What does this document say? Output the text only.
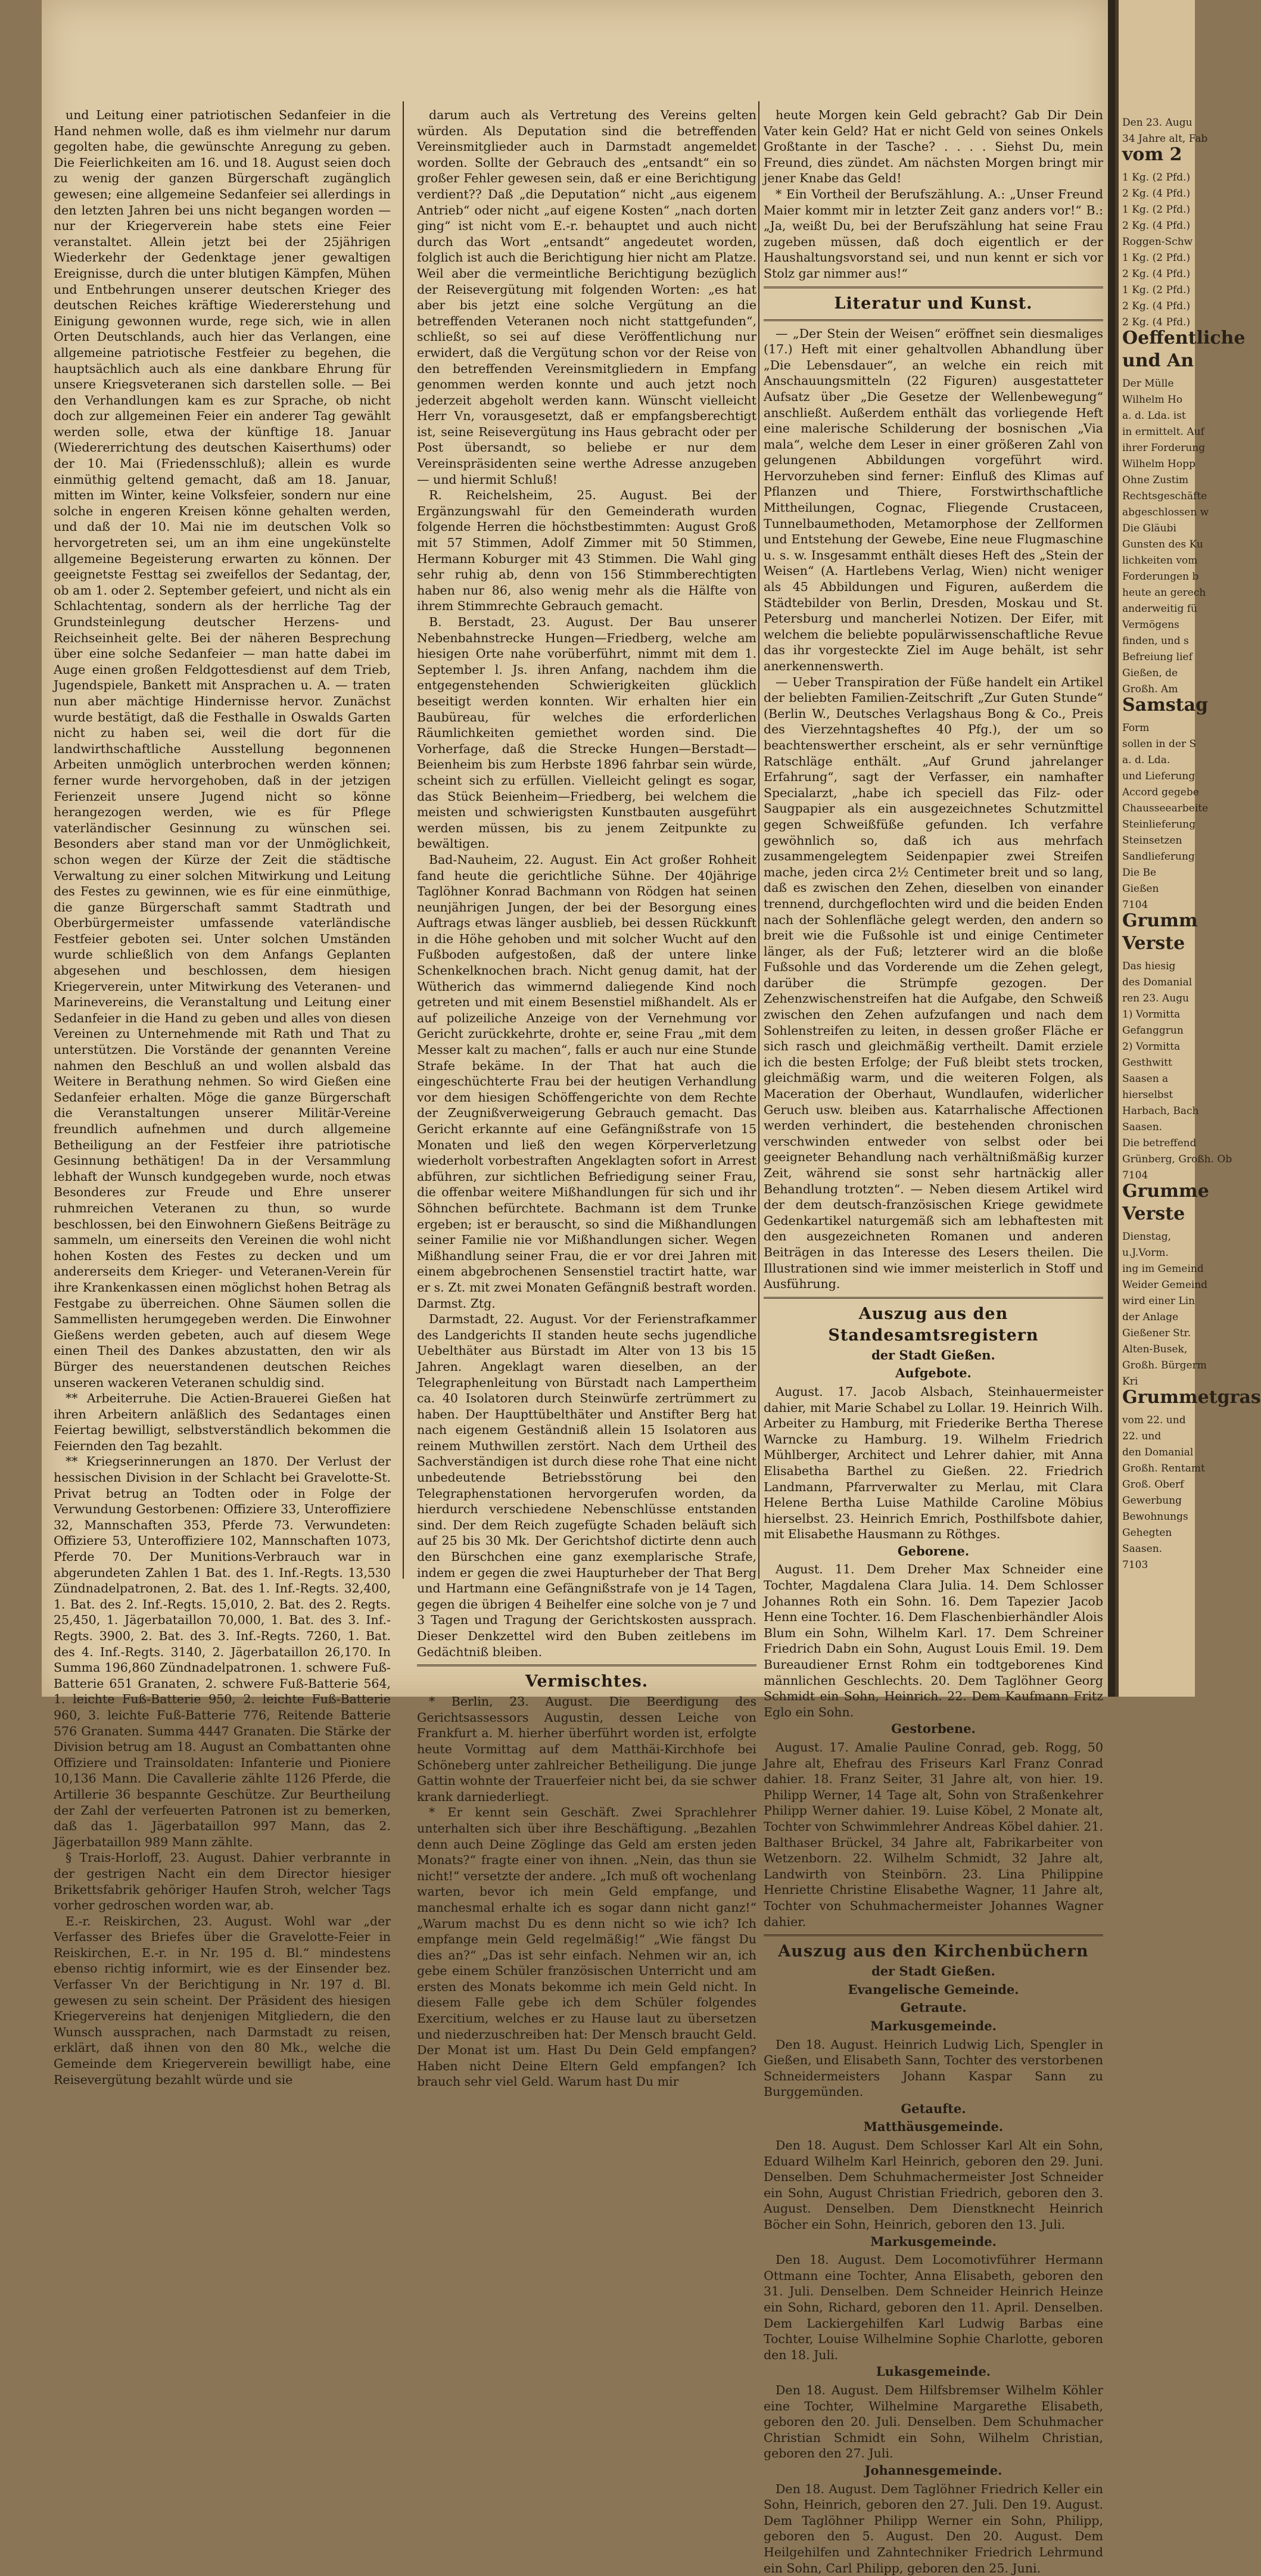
und Leitung einer patriotischen Sedanfeier in die Hand nehmen wolle, daß es ihm vielmehr nur darum gegolten habe, die gewünschte Anregung zu geben. Die Feierlichkeiten am 16. und 18. August seien doch zu wenig der ganzen Bürgerschaft zugänglich gewesen; eine allgemeine Sedanfeier sei allerdings in den letzten Jahren bei uns nicht begangen worden — nur der Kriegerverein habe stets eine Feier veranstaltet. Allein jetzt bei der 25jährigen Wiederkehr der Gedenktage jener gewaltigen Ereignisse, durch die unter blutigen Kämpfen, Mühen und Entbehrungen unserer deutschen Krieger des deutschen Reiches kräftige Wiedererstehung und Einigung gewonnen wurde, rege sich, wie in allen Orten Deutschlands, auch hier das Verlangen, eine allgemeine patriotische Festfeier zu begehen, die hauptsächlich auch als eine dankbare Ehrung für unsere Kriegsveteranen sich darstellen solle. — Bei den Verhandlungen kam es zur Sprache, ob nicht doch zur allgemeinen Feier ein anderer Tag gewählt werden solle, etwa der künftige 18. Januar (Wiedererrichtung des deutschen Kaiserthums) oder der 10. Mai (Friedensschluß); allein es wurde einmüthig geltend gemacht, daß am 18. Januar, mitten im Winter, keine Volksfeier, sondern nur eine solche in engeren Kreisen könne gehalten werden, und daß der 10. Mai nie im deutschen Volk so hervorgetreten sei, um an ihm eine ungekünstelte allgemeine Begeisterung erwarten zu können. Der geeignetste Festtag sei zweifellos der Sedantag, der, ob am 1. oder 2. September gefeiert, und nicht als ein Schlachtentag, sondern als der herrliche Tag der Grundsteinlegung deutscher Herzens- und Reichseinheit gelte. Bei der näheren Besprechung über eine solche Sedanfeier — man hatte dabei im Auge einen großen Feldgottesdienst auf dem Trieb, Jugendspiele, Bankett mit Ansprachen u. A. — traten nun aber mächtige Hindernisse hervor. Zunächst wurde bestätigt, daß die Festhalle in Oswalds Garten nicht zu haben sei, weil die dort für die landwirthschaftliche Ausstellung begonnenen Arbeiten unmöglich unterbrochen werden können; ferner wurde hervorgehoben, daß in der jetzigen Ferienzeit unsere Jugend nicht so könne herangezogen werden, wie es für Pflege vaterländischer Gesinnung zu wünschen sei. Besonders aber stand man vor der Unmöglichkeit, schon wegen der Kürze der Zeit die städtische Verwaltung zu einer solchen Mitwirkung und Leitung des Festes zu gewinnen, wie es für eine einmüthige, die ganze Bürgerschaft sammt Stadtrath und Oberbürgermeister umfassende vaterländische Festfeier geboten sei. Unter solchen Umständen wurde schließlich von dem Anfangs Geplanten abgesehen und beschlossen, dem hiesigen Kriegerverein, unter Mitwirkung des Veteranen- und Marinevereins, die Veranstaltung und Leitung einer Sedanfeier in die Hand zu geben und alles von diesen Vereinen zu Unternehmende mit Rath und That zu unterstützen. Die Vorstände der genannten Vereine nahmen den Beschluß an und wollen alsbald das Weitere in Berathung nehmen. So wird Gießen eine Sedanfeier erhalten. Möge die ganze Bürgerschaft die Veranstaltungen unserer Militär-Vereine freundlich aufnehmen und durch allgemeine Betheiligung an der Festfeier ihre patriotische Gesinnung bethätigen! Da in der Versammlung lebhaft der Wunsch kundgegeben wurde, noch etwas Besonderes zur Freude und Ehre unserer ruhmreichen Veteranen zu thun, so wurde beschlossen, bei den Einwohnern Gießens Beiträge zu sammeln, um einerseits den Vereinen die wohl nicht hohen Kosten des Festes zu decken und um andererseits dem Krieger- und Veteranen-Verein für ihre Krankenkassen einen möglichst hohen Betrag als Festgabe zu überreichen. Ohne Säumen sollen die Sammellisten herumgegeben werden. Die Einwohner Gießens werden gebeten, auch auf diesem Wege einen Theil des Dankes abzustatten, den wir als Bürger des neuerstandenen deutschen Reiches unseren wackeren Veteranen schuldig sind.

** Arbeiterruhe. Die Actien-Brauerei Gießen hat ihren Arbeitern anläßlich des Sedantages einen Feiertag bewilligt, selbstverständlich bekommen die Feiernden den Tag bezahlt.

** Kriegserinnerungen an 1870. Der Verlust der hessischen Division in der Schlacht bei Gravelotte-St. Privat betrug an Todten oder in Folge der Verwundung Gestorbenen: Offiziere 33, Unteroffiziere 32, Mannschaften 353, Pferde 73. Verwundeten: Offiziere 53, Unteroffiziere 102, Mannschaften 1073, Pferde 70. Der Munitions-Verbrauch war in abgerundeten Zahlen 1 Bat. des 1. Inf.-Regts. 13,530 Zündnadelpatronen, 2. Bat. des 1. Inf.-Regts. 32,400, 1. Bat. des 2. Inf.-Regts. 15,010, 2. Bat. des 2. Regts. 25,450, 1. Jägerbataillon 70,000, 1. Bat. des 3. Inf.-Regts. 3900, 2. Bat. des 3. Inf.-Regts. 7260, 1. Bat. des 4. Inf.-Regts. 3140, 2. Jägerbataillon 26,170. In Summa 196,860 Zündnadelpatronen. 1. schwere Fuß-Batterie 651 Granaten, 2. schwere Fuß-Batterie 564, 1. leichte Fuß-Batterie 950, 2. leichte Fuß-Batterie 960, 3. leichte Fuß-Batterie 776, Reitende Batterie 576 Granaten. Summa 4447 Granaten. Die Stärke der Division betrug am 18. August an Combattanten ohne Offiziere und Trainsoldaten: Infanterie und Pioniere 10,136 Mann. Die Cavallerie zählte 1126 Pferde, die Artillerie 36 bespannte Geschütze. Zur Beurtheilung der Zahl der verfeuerten Patronen ist zu bemerken, daß das 1. Jägerbataillon 997 Mann, das 2. Jägerbataillon 989 Mann zählte.

§ Trais-Horloff, 23. August. Dahier verbrannte in der gestrigen Nacht ein dem Director hiesiger Brikettsfabrik gehöriger Haufen Stroh, welcher Tags vorher gedroschen worden war, ab.

E.-r. Reiskirchen, 23. August. Wohl war „der Verfasser des Briefes über die Gravelotte-Feier in Reiskirchen, E.-r. in Nr. 195 d. Bl.“ mindestens ebenso richtig informirt, wie es der Einsender bez. Verfasser Vn der Berichtigung in Nr. 197 d. Bl. gewesen zu sein scheint. Der Präsident des hiesigen Kriegervereins hat denjenigen Mitgliedern, die den Wunsch aussprachen, nach Darmstadt zu reisen, erklärt, daß ihnen von den 80 Mk., welche die Gemeinde dem Kriegerverein bewilligt habe, eine Reisevergütung bezahlt würde und sie

darum auch als Vertretung des Vereins gelten würden. Als Deputation sind die betreffenden Vereinsmitglieder auch in Darmstadt angemeldet worden. Sollte der Gebrauch des „entsandt“ ein so großer Fehler gewesen sein, daß er eine Berichtigung verdient?? Daß „die Deputation“ nicht „aus eigenem Antrieb“ oder nicht „auf eigene Kosten“ „nach dorten ging“ ist nicht vom E.-r. behauptet und auch nicht durch das Wort „entsandt“ angedeutet worden, folglich ist auch die Berichtigung hier nicht am Platze. Weil aber die vermeintliche Berichtigung bezüglich der Reisevergütung mit folgenden Worten: „es hat aber bis jetzt eine solche Vergütung an die betreffenden Veteranen noch nicht stattgefunden“, schließt, so sei auf diese Veröffentlichung nur erwidert, daß die Vergütung schon vor der Reise von den betreffenden Vereinsmitgliedern in Empfang genommen werden konnte und auch jetzt noch jederzeit abgeholt werden kann. Wünscht vielleicht Herr Vn, vorausgesetzt, daß er empfangsberechtigt ist, seine Reisevergütung ins Haus gebracht oder per Post übersandt, so beliebe er nur dem Vereinspräsidenten seine werthe Adresse anzugeben — und hiermit Schluß!

R. Reichelsheim, 25. August. Bei der Ergänzungswahl für den Gemeinderath wurden folgende Herren die höchstbestimmten: August Groß mit 57 Stimmen, Adolf Zimmer mit 50 Stimmen, Hermann Koburger mit 43 Stimmen. Die Wahl ging sehr ruhig ab, denn von 156 Stimmberechtigten haben nur 86, also wenig mehr als die Hälfte von ihrem Stimmrechte Gebrauch gemacht.

B. Berstadt, 23. August. Der Bau unserer Nebenbahnstrecke Hungen—Friedberg, welche am hiesigen Orte nahe vorüberführt, nimmt mit dem 1. September l. Js. ihren Anfang, nachdem ihm die entgegenstehenden Schwierigkeiten glücklich beseitigt werden konnten. Wir erhalten hier ein Baubüreau, für welches die erforderlichen Räumlichkeiten gemiethet worden sind. Die Vorherfage, daß die Strecke Hungen—Berstadt—Beienheim bis zum Herbste 1896 fahrbar sein würde, scheint sich zu erfüllen. Vielleicht gelingt es sogar, das Stück Beienheim—Friedberg, bei welchem die meisten und schwierigsten Kunstbauten ausgeführt werden müssen, bis zu jenem Zeitpunkte zu bewältigen.

Bad-Nauheim, 22. August. Ein Act großer Rohheit fand heute die gerichtliche Sühne. Der 40jährige Taglöhner Konrad Bachmann von Rödgen hat seinen neunjährigen Jungen, der bei der Besorgung eines Auftrags etwas länger ausblieb, bei dessen Rückkunft in die Höhe gehoben und mit solcher Wucht auf den Fußboden aufgestoßen, daß der untere linke Schenkelknochen brach. Nicht genug damit, hat der Wütherich das wimmernd daliegende Kind noch getreten und mit einem Besenstiel mißhandelt. Als er auf polizeiliche Anzeige von der Vernehmung vor Gericht zurückkehrte, drohte er, seine Frau „mit dem Messer kalt zu machen“, falls er auch nur eine Stunde Strafe bekäme. In der That hat auch die eingeschüchterte Frau bei der heutigen Verhandlung vor dem hiesigen Schöffengerichte von dem Rechte der Zeugnißverweigerung Gebrauch gemacht. Das Gericht erkannte auf eine Gefängnißstrafe von 15 Monaten und ließ den wegen Körperverletzung wiederholt vorbestraften Angeklagten sofort in Arrest abführen, zur sichtlichen Befriedigung seiner Frau, die offenbar weitere Mißhandlungen für sich und ihr Söhnchen befürchtete. Bachmann ist dem Trunke ergeben; ist er berauscht, so sind die Mißhandlungen seiner Familie nie vor Mißhandlungen sicher. Wegen Mißhandlung seiner Frau, die er vor drei Jahren mit einem abgebrochenen Sensenstiel tractirt hatte, war er s. Zt. mit zwei Monaten Gefängniß bestraft worden. Darmst. Ztg.

Darmstadt, 22. August. Vor der Ferienstrafkammer des Landgerichts II standen heute sechs jugendliche Uebelthäter aus Bürstadt im Alter von 13 bis 15 Jahren. Angeklagt waren dieselben, an der Telegraphenleitung von Bürstadt nach Lampertheim ca. 40 Isolatoren durch Steinwürfe zertrümmert zu haben. Der Haupttübelthäter und Anstifter Berg hat nach eigenem Geständniß allein 15 Isolatoren aus reinem Muthwillen zerstört. Nach dem Urtheil des Sachverständigen ist durch diese rohe That eine nicht unbedeutende Betriebsstörung bei den Telegraphenstationen hervorgerufen worden, da hierdurch verschiedene Nebenschlüsse entstanden sind. Der dem Reich zugefügte Schaden beläuft sich auf 25 bis 30 Mk. Der Gerichtshof dictirte denn auch den Bürschchen eine ganz exemplarische Strafe, indem er gegen die zwei Haupturheber der That Berg und Hartmann eine Gefängnißstrafe von je 14 Tagen, gegen die übrigen 4 Beihelfer eine solche von je 7 und 3 Tagen und Tragung der Gerichtskosten aussprach. Dieser Denkzettel wird den Buben zeitlebens im Gedächtniß bleiben.

Vermischtes.

* Berlin, 23. August. Die Beerdigung des Gerichtsassessors Augustin, dessen Leiche von Frankfurt a. M. hierher überführt worden ist, erfolgte heute Vormittag auf dem Matthäi-Kirchhofe bei Schöneberg unter zahlreicher Betheiligung. Die junge Gattin wohnte der Trauerfeier nicht bei, da sie schwer krank darniederliegt.

* Er kennt sein Geschäft. Zwei Sprachlehrer unterhalten sich über ihre Beschäftigung. „Bezahlen denn auch Deine Zöglinge das Geld am ersten jeden Monats?“ fragte einer von ihnen. „Nein, das thun sie nicht!“ versetzte der andere. „Ich muß oft wochenlang warten, bevor ich mein Geld empfange, und manchesmal erhalte ich es sogar dann nicht ganz!“ „Warum machst Du es denn nicht so wie ich? Ich empfange mein Geld regelmäßig!“ „Wie fängst Du dies an?“ „Das ist sehr einfach. Nehmen wir an, ich gebe einem Schüler französischen Unterricht und am ersten des Monats bekomme ich mein Geld nicht. In diesem Falle gebe ich dem Schüler folgendes Exercitium, welches er zu Hause laut zu übersetzen und niederzuschreiben hat: Der Mensch braucht Geld. Der Monat ist um. Hast Du Dein Geld empfangen? Haben nicht Deine Eltern Geld empfangen? Ich brauch sehr viel Geld. Warum hast Du mir

heute Morgen kein Geld gebracht? Gab Dir Dein Vater kein Geld? Hat er nicht Geld von seines Onkels Großtante in der Tasche? . . . . Siehst Du, mein Freund, dies zündet. Am nächsten Morgen bringt mir jener Knabe das Geld!

* Ein Vortheil der Berufszählung. A.: „Unser Freund Maier kommt mir in letzter Zeit ganz anders vor!“ B.: „Ja, weißt Du, bei der Berufszählung hat seine Frau zugeben müssen, daß doch eigentlich er der Haushaltungsvorstand sei, und nun kennt er sich vor Stolz gar nimmer aus!“

Literatur und Kunst.

— „Der Stein der Weisen“ eröffnet sein diesmaliges (17.) Heft mit einer gehaltvollen Abhandlung über „Die Lebensdauer“, an welche ein reich mit Anschauungsmitteln (22 Figuren) ausgestatteter Aufsatz über „Die Gesetze der Wellenbewegung“ anschließt. Außerdem enthält das vorliegende Heft eine malerische Schilderung der bosnischen „Via mala“, welche dem Leser in einer größeren Zahl von gelungenen Abbildungen vorgeführt wird. Hervorzuheben sind ferner: Einfluß des Klimas auf Pflanzen und Thiere, Forstwirthschaftliche Mittheilungen, Cognac, Fliegende Crustaceen, Tunnelbaumethoden, Metamorphose der Zellformen und Entstehung der Gewebe, Eine neue Flugmaschine u. s. w. Insgesammt enthält dieses Heft des „Stein der Weisen“ (A. Hartlebens Verlag, Wien) nicht weniger als 45 Abbildungen und Figuren, außerdem die Städtebilder von Berlin, Dresden, Moskau und St. Petersburg und mancherlei Notizen. Der Eifer, mit welchem die beliebte populärwissenschaftliche Revue das ihr vorgesteckte Ziel im Auge behält, ist sehr anerkennenswerth.

— Ueber Transpiration der Füße handelt ein Artikel der beliebten Familien-Zeitschrift „Zur Guten Stunde“ (Berlin W., Deutsches Verlagshaus Bong & Co., Preis des Vierzehntagsheftes 40 Pfg.), der um so beachtenswerther erscheint, als er sehr vernünftige Ratschläge enthält. „Auf Grund jahrelanger Erfahrung“, sagt der Verfasser, ein namhafter Specialarzt, „habe ich speciell das Filz- oder Saugpapier als ein ausgezeichnetes Schutzmittel gegen Schweißfüße gefunden. Ich verfahre gewöhnlich so, daß ich aus mehrfach zusammengelegtem Seidenpapier zwei Streifen mache, jeden circa 2½ Centimeter breit und so lang, daß es zwischen den Zehen, dieselben von einander trennend, durchgeflochten wird und die beiden Enden nach der Sohlenfläche gelegt werden, den andern so breit wie die Fußsohle ist und einige Centimeter länger, als der Fuß; letzterer wird an die bloße Fußsohle und das Vorderende um die Zehen gelegt, darüber die Strümpfe gezogen. Der Zehenzwischenstreifen hat die Aufgabe, den Schweiß zwischen den Zehen aufzufangen und nach dem Sohlenstreifen zu leiten, in dessen großer Fläche er sich rasch und gleichmäßig vertheilt. Damit erziele ich die besten Erfolge; der Fuß bleibt stets trocken, gleichmäßig warm, und die weiteren Folgen, als Maceration der Oberhaut, Wundlaufen, widerlicher Geruch usw. bleiben aus. Katarrhalische Affectionen werden verhindert, die bestehenden chronischen verschwinden entweder von selbst oder bei geeigneter Behandlung nach verhältnißmäßig kurzer Zeit, während sie sonst sehr hartnäckig aller Behandlung trotzten“. — Neben diesem Artikel wird der dem deutsch-französischen Kriege gewidmete Gedenkartikel naturgemäß sich am lebhaftesten mit den ausgezeichneten Romanen und anderen Beiträgen in das Interesse des Lesers theilen. Die Illustrationen sind wie immer meisterlich in Stoff und Ausführung.

Auszug aus den Standesamtsregistern
der Stadt Gießen.
Aufgebote.

August. 17. Jacob Alsbach, Steinhauermeister dahier, mit Marie Schabel zu Lollar. 19. Heinrich Wilh. Arbeiter zu Hamburg, mit Friederike Bertha Therese Warncke zu Hamburg. 19. Wilhelm Friedrich Mühlberger, Architect und Lehrer dahier, mit Anna Elisabetha Barthel zu Gießen. 22. Friedrich Landmann, Pfarrverwalter zu Merlau, mit Clara Helene Bertha Luise Mathilde Caroline Möbius hierselbst. 23. Heinrich Emrich, Posthilfsbote dahier, mit Elisabethe Hausmann zu Röthges.

Geborene.

August. 11. Dem Dreher Max Schneider eine Tochter, Magdalena Clara Julia. 14. Dem Schlosser Johannes Roth ein Sohn. 16. Dem Tapezier Jacob Henn eine Tochter. 16. Dem Flaschenbierhändler Alois Blum ein Sohn, Wilhelm Karl. 17. Dem Schreiner Friedrich Dabn ein Sohn, August Louis Emil. 19. Dem Bureaudiener Ernst Rohm ein todtgeborenes Kind männlichen Geschlechts. 20. Dem Taglöhner Georg Schmidt ein Sohn, Heinrich. 22. Dem Kaufmann Fritz Eglo ein Sohn.

Gestorbene.

August. 17. Amalie Pauline Conrad, geb. Rogg, 50 Jahre alt, Ehefrau des Friseurs Karl Franz Conrad dahier. 18. Franz Seiter, 31 Jahre alt, von hier. 19. Philipp Werner, 14 Tage alt, Sohn von Straßenkehrer Philipp Werner dahier. 19. Luise Köbel, 2 Monate alt, Tochter von Schwimmlehrer Andreas Köbel dahier. 21. Balthaser Brückel, 34 Jahre alt, Fabrikarbeiter von Wetzenborn. 22. Wilhelm Schmidt, 32 Jahre alt, Landwirth von Steinbörn. 23. Lina Philippine Henriette Christine Elisabethe Wagner, 11 Jahre alt, Tochter von Schuhmachermeister Johannes Wagner dahier.

Auszug aus den Kirchenbüchern
der Stadt Gießen.
Evangelische Gemeinde.
Getraute.
Markusgemeinde.

Den 18. August. Heinrich Ludwig Lich, Spengler in Gießen, und Elisabeth Sann, Tochter des verstorbenen Schneidermeisters Johann Kaspar Sann zu Burggemünden.

Getaufte.
Matthäusgemeinde.

Den 18. August. Dem Schlosser Karl Alt ein Sohn, Eduard Wilhelm Karl Heinrich, geboren den 29. Juni. Denselben. Dem Schuhmachermeister Jost Schneider ein Sohn, August Christian Friedrich, geboren den 3. August. Denselben. Dem Dienstknecht Heinrich Böcher ein Sohn, Heinrich, geboren den 13. Juli.

Markusgemeinde.

Den 18. August. Dem Locomotivführer Hermann Ottmann eine Tochter, Anna Elisabeth, geboren den 31. Juli. Denselben. Dem Schneider Heinrich Heinze ein Sohn, Richard, geboren den 11. April. Denselben. Dem Lackiergehilfen Karl Ludwig Barbas eine Tochter, Louise Wilhelmine Sophie Charlotte, geboren den 18. Juli.

Lukasgemeinde.

Den 18. August. Dem Hilfsbremser Wilhelm Köhler eine Tochter, Wilhelmine Margarethe Elisabeth, geboren den 20. Juli. Denselben. Dem Schuhmacher Christian Schmidt ein Sohn, Wilhelm Christian, geboren den 27. Juli.

Johannesgemeinde.

Den 18. August. Dem Taglöhner Friedrich Keller ein Sohn, Heinrich, geboren den 27. Juli. Den 19. August. Dem Taglöhner Philipp Werner ein Sohn, Philipp, geboren den 5. August. Den 20. August. Dem Heilgehilfen und Zahntechniker Friedrich Lehrmund ein Sohn, Carl Philipp, geboren den 25. Juni.

Den 23. Augu
34 Jahre alt, Fab
vom 2
1 Kg. (2 Pfd.)
2 Kg. (4 Pfd.)
1 Kg. (2 Pfd.)
2 Kg. (4 Pfd.)
Roggen-Schw
1 Kg. (2 Pfd.)
2 Kg. (4 Pfd.)
1 Kg. (2 Pfd.)
2 Kg. (4 Pfd.)
2 Kg. (4 Pfd.)
Oeffentliche
und An
Der Mülle
Wilhelm Ho
a. d. Lda. ist
in ermittelt. Auf
ihrer Forderung
Wilhelm Hopp
Ohne Zustim
Rechtsgeschäfte
abgeschlossen w
Die Gläubi
Gunsten des Ku
lichkeiten vom
Forderungen b
heute an gerech
anderweitig fü
Vermögens
finden, und s
Befreiung lief
Gießen, de
Großh. Am
Samstag
Form
sollen in der S
a. d. Lda.
und Lieferung
Accord gegebe
Chausseearbeite
Steinlieferung
Steinsetzen
Sandlieferung
Die Be
Gießen
7104
Grumm
Verste
Das hiesig
des Domanial
ren 23. Augu
1) Vormitta
Gefanggrun
2) Vormitta
Gesthwitt
Saasen a
hierselbst
Harbach, Bach
Saasen.
Die betreffend
Grünberg, Großh. Ob
7104
Grumme
Verste
Dienstag,
u.J.Vorm.
ing im Gemeind
Weider Gemeind
wird einer Lin
der Anlage
Gießener Str.
Alten-Busek,
Großh. Bürgerm
Kri
Grummetgras
vom 22. und
22. und
den Domanial
Großh. Rentamt
Groß. Oberf
Gewerbung
Bewohnungs
Gehegten
Saasen.
7103
